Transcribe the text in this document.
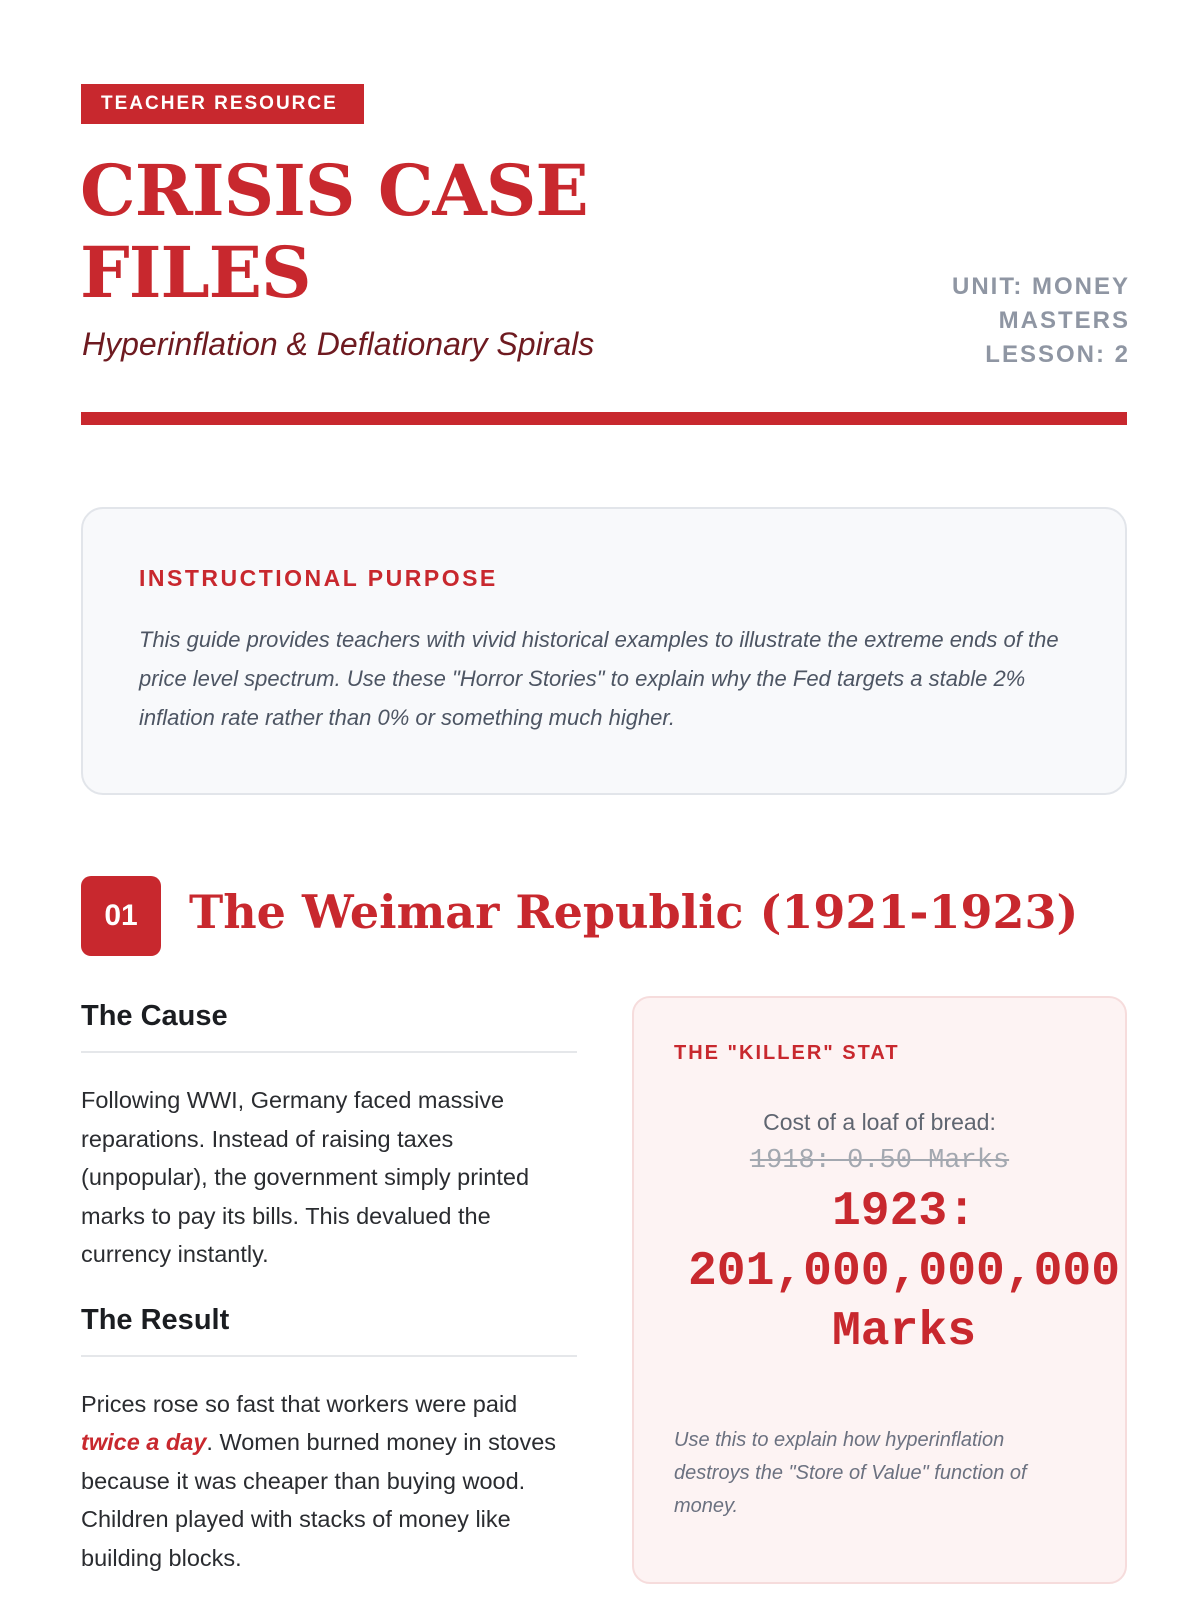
TEACHER RESOURCE
CRISIS CASE
FILES
Hyperinflation & Deflationary Spirals
UNIT: MONEY
MASTERS
LESSON: 2
INSTRUCTIONAL PURPOSE

This guide provides teachers with vivid historical examples to illustrate the extreme ends of the price level spectrum. Use these "Horror Stories" to explain why the Fed targets a stable 2% inflation rate rather than 0% or something much higher.

01	The Weimar Republic (1921-1923)
The Cause

Following WWI, Germany faced massive reparations. Instead of raising taxes (unpopular), the government simply printed marks to pay its bills. This devalued the currency instantly.

The Result

Prices rose so fast that workers were paid twice a day. Women burned money in stoves because it was cheaper than buying wood. Children played with stacks of money like building blocks.

THE "KILLER" STAT
Cost of a loaf of bread:
1918: 0.50 Marks
1923:
201,000,000,000
Marks

Use this to explain how hyperinflation destroys the "Store of Value" function of money.
